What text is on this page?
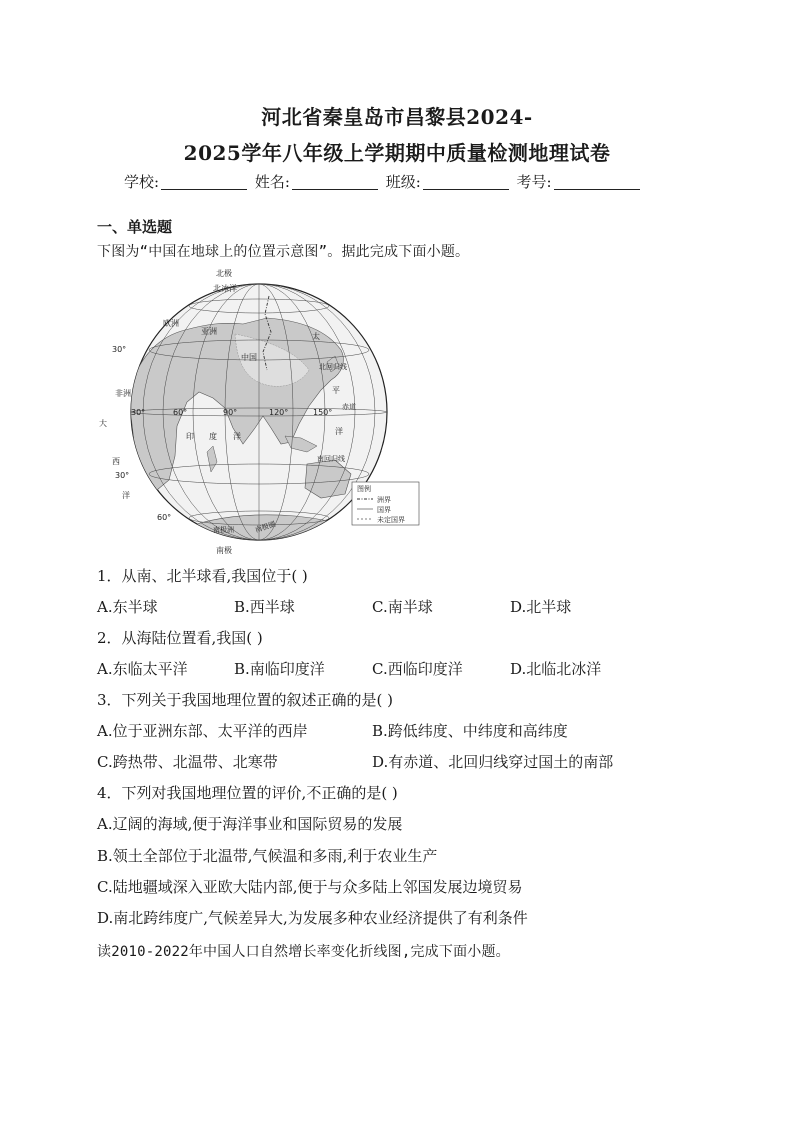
河北省秦皇岛市昌黎县2024-
2025学年八年级上学期期中质量检测地理试卷
学校:	姓名:	班级:	考号:
一、单选题
下图为“中国在地球上的位置示意图”。据此完成下面小题。
北极
北冰洋
欧洲
亚洲
中国
非洲
南极洲	南极圈
南极
北回归线
赤道
南回归线
太
平
洋
印 度 洋
大
西
洋
30°
30°
60°
30°	60°	90°	120°	150°
图例
洲界
国界
未定国界
1．从南、北半球看,我国位于( )
A.东半球	B.西半球	C.南半球	D.北半球
2．从海陆位置看,我国( )
A.东临太平洋	B.南临印度洋	C.西临印度洋	D.北临北冰洋
3．下列关于我国地理位置的叙述正确的是( )
A.位于亚洲东部、太平洋的西岸	B.跨低纬度、中纬度和高纬度
C.跨热带、北温带、北寒带	D.有赤道、北回归线穿过国土的南部
4．下列对我国地理位置的评价,不正确的是( )
A.辽阔的海域,便于海洋事业和国际贸易的发展
B.领土全部位于北温带,气候温和多雨,利于农业生产
C.陆地疆域深入亚欧大陆内部,便于与众多陆上邻国发展边境贸易
D.南北跨纬度广,气候差异大,为发展多种农业经济提供了有利条件
读2010-2022年中国人口自然增长率变化折线图,完成下面小题。
